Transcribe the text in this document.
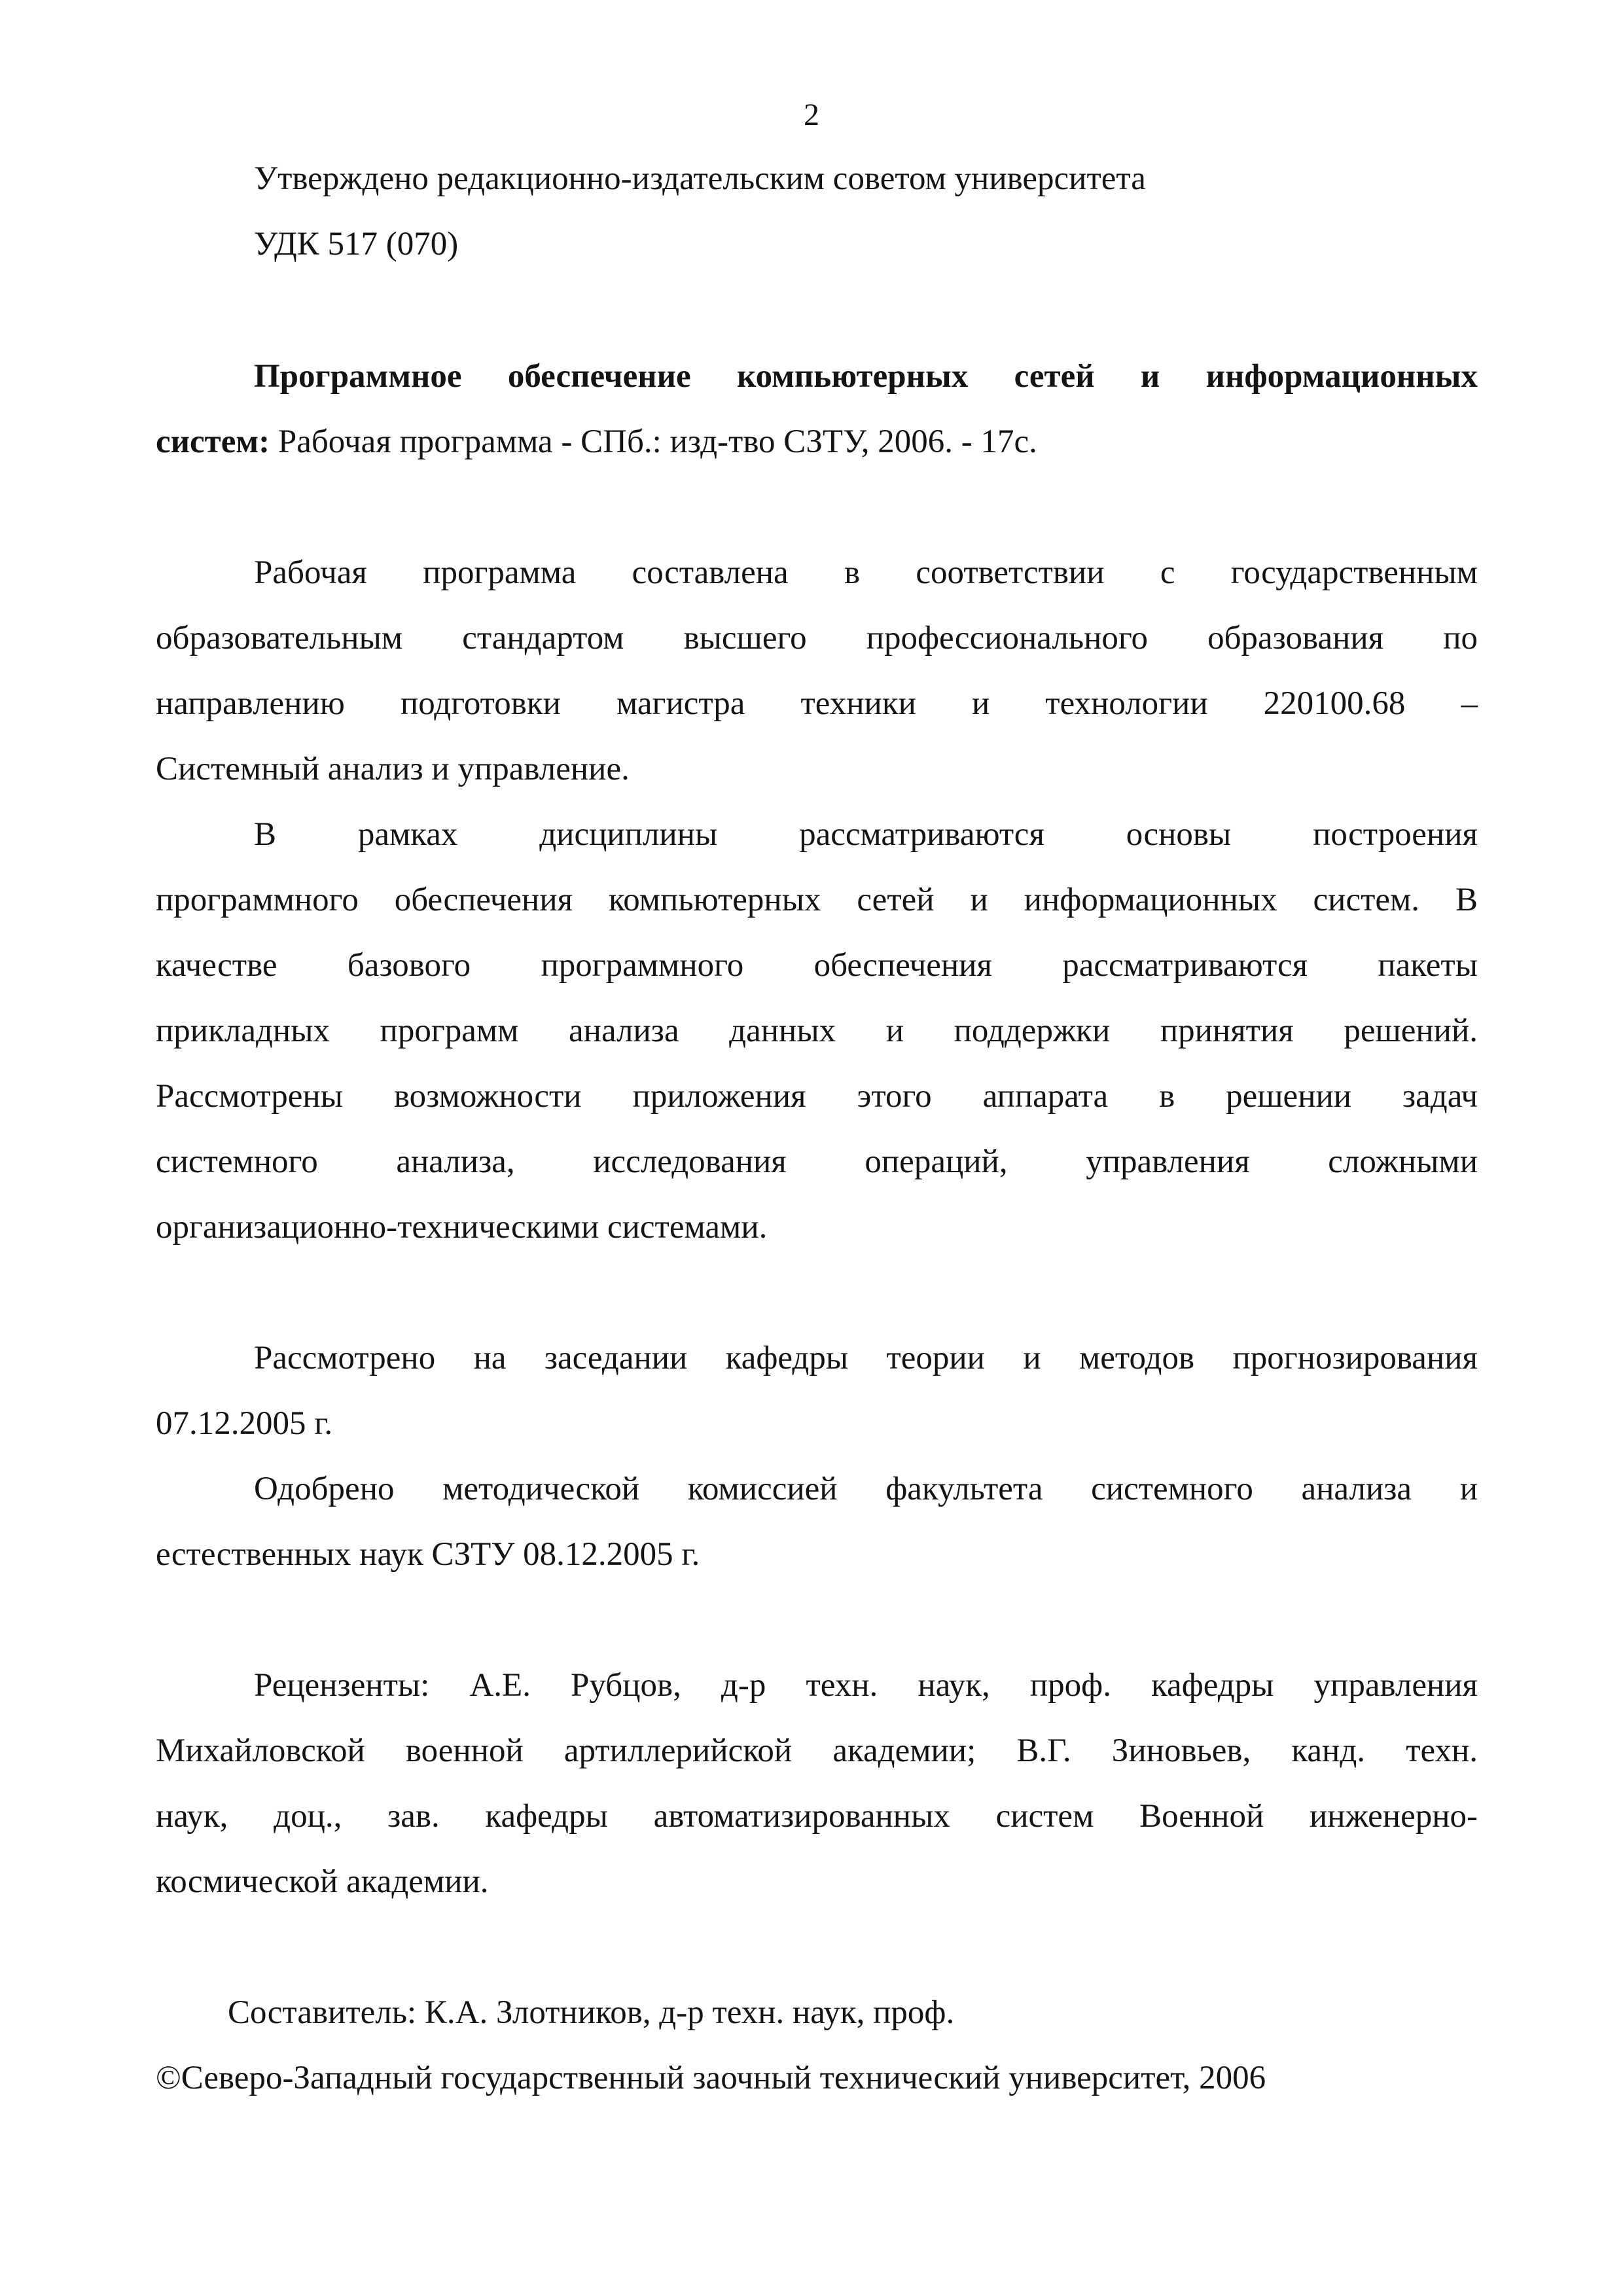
2
Утверждено редакционно-издательским советом университета
УДК 517 (070)
Программное обеспечение компьютерных сетей и информационных
систем: Рабочая программа - СПб.: изд-тво СЗТУ, 2006. - 17с.
Рабочая программа составлена в соответствии с государственным
образовательным стандартом высшего профессионального образования по
направлению подготовки магистра техники и технологии 220100.68 –
Системный анализ и управление.
В рамках дисциплины рассматриваются основы построения
программного обеспечения компьютерных сетей и информационных систем. В
качестве базового программного обеспечения рассматриваются пакеты
прикладных программ анализа данных и поддержки принятия решений.
Рассмотрены возможности приложения этого аппарата в решении задач
системного анализа, исследования операций, управления сложными
организационно-техническими системами.
Рассмотрено на заседании кафедры теории и методов прогнозирования
07.12.2005 г.
Одобрено методической комиссией факультета системного анализа и
естественных наук СЗТУ 08.12.2005 г.
Рецензенты: А.Е. Рубцов, д-р техн. наук, проф. кафедры управления
Михайловской военной артиллерийской академии; В.Г. Зиновьев, канд. техн.
наук, доц., зав. кафедры автоматизированных систем Военной инженерно-
космической академии.
Составитель: К.А. Злотников, д-р техн. наук, проф.
©Северо-Западный государственный заочный технический университет, 2006
